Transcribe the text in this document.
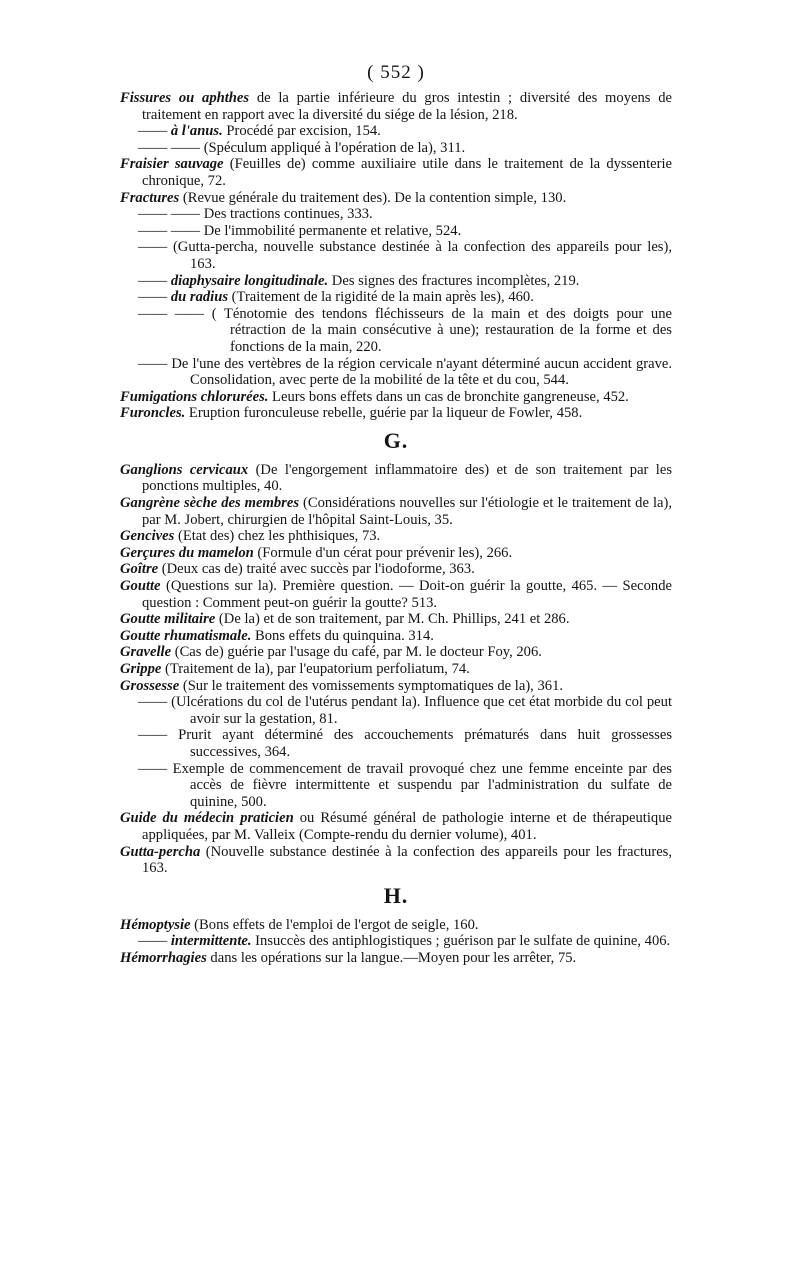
( 552 )

Fissures ou aphthes de la partie inférieure du gros intestin ; diversité des moyens de traitement en rapport avec la diversité du siége de la lésion, 218.

—— à l'anus. Procédé par excision, 154.

—— —— (Spéculum appliqué à l'opération de la), 311.

Fraisier sauvage (Feuilles de) comme auxiliaire utile dans le traitement de la dyssenterie chronique, 72.

Fractures (Revue générale du traitement des). De la contention simple, 130.

—— —— Des tractions continues, 333.

—— —— De l'immobilité permanente et relative, 524.

—— (Gutta-percha, nouvelle substance destinée à la confection des appareils pour les), 163.

—— diaphysaire longitudinale. Des signes des fractures incomplètes, 219.

—— du radius (Traitement de la rigidité de la main après les), 460.

—— —— ( Ténotomie des tendons fléchisseurs de la main et des doigts pour une rétraction de la main consécutive à une); restauration de la forme et des fonctions de la main, 220.

—— De l'une des vertèbres de la région cervicale n'ayant déterminé aucun accident grave. Consolidation, avec perte de la mobilité de la tête et du cou, 544.

Fumigations chlorurées. Leurs bons effets dans un cas de bronchite gangreneuse, 452.

Furoncles. Eruption furonculeuse rebelle, guérie par la liqueur de Fowler, 458.

G.

Ganglions cervicaux (De l'engorgement inflammatoire des) et de son traitement par les ponctions multiples, 40.

Gangrène sèche des membres (Considérations nouvelles sur l'étiologie et le traitement de la), par M. Jobert, chirurgien de l'hôpital Saint-Louis, 35.

Gencives (Etat des) chez les phthisiques, 73.

Gerçures du mamelon (Formule d'un cérat pour prévenir les), 266.

Goître (Deux cas de) traité avec succès par l'iodoforme, 363.

Goutte (Questions sur la). Première question. — Doit-on guérir la goutte, 465. — Seconde question : Comment peut-on guérir la goutte? 513.

Goutte militaire (De la) et de son traitement, par M. Ch. Phillips, 241 et 286.

Goutte rhumatismale. Bons effets du quinquina. 314.

Gravelle (Cas de) guérie par l'usage du café, par M. le docteur Foy, 206.

Grippe (Traitement de la), par l'eupatorium perfoliatum, 74.

Grossesse (Sur le traitement des vomissements symptomatiques de la), 361.

—— (Ulcérations du col de l'utérus pendant la). Influence que cet état morbide du col peut avoir sur la gestation, 81.

—— Prurit ayant déterminé des accouchements prématurés dans huit grossesses successives, 364.

—— Exemple de commencement de travail provoqué chez une femme enceinte par des accès de fièvre intermittente et suspendu par l'administration du sulfate de quinine, 500.

Guide du médecin praticien ou Résumé général de pathologie interne et de thérapeutique appliquées, par M. Valleix (Compte-rendu du dernier volume), 401.

Gutta-percha (Nouvelle substance destinée à la confection des appareils pour les fractures, 163.

H.

Hémoptysie (Bons effets de l'emploi de l'ergot de seigle, 160.

—— intermittente. Insuccès des antiphlogistiques ; guérison par le sulfate de quinine, 406.

Hémorrhagies dans les opérations sur la langue.—Moyen pour les arrêter, 75.
